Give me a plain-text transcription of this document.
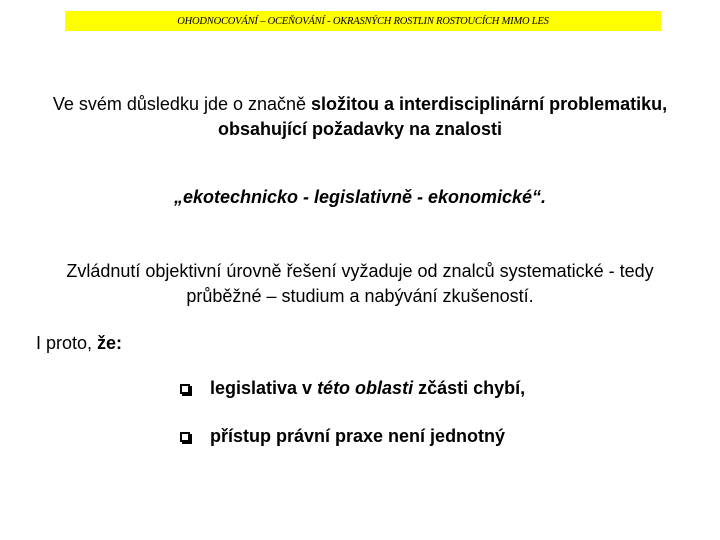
OHODNOCOVÁNÍ – OCEŇOVÁNÍ - OKRASNÝCH ROSTLIN ROSTOUCÍCH MIMO LES
Ve svém důsledku jde o značně složitou a interdisciplinární problematiku, obsahující požadavky na znalosti
„ekotechnicko - legislativně - ekonomické“.
Zvládnutí objektivní úrovně řešení vyžaduje od znalců systematické - tedy průběžné – studium a nabývání zkušeností.
I proto, že:
legislativa v této oblasti zčásti chybí,
přístup právní praxe není jednotný
